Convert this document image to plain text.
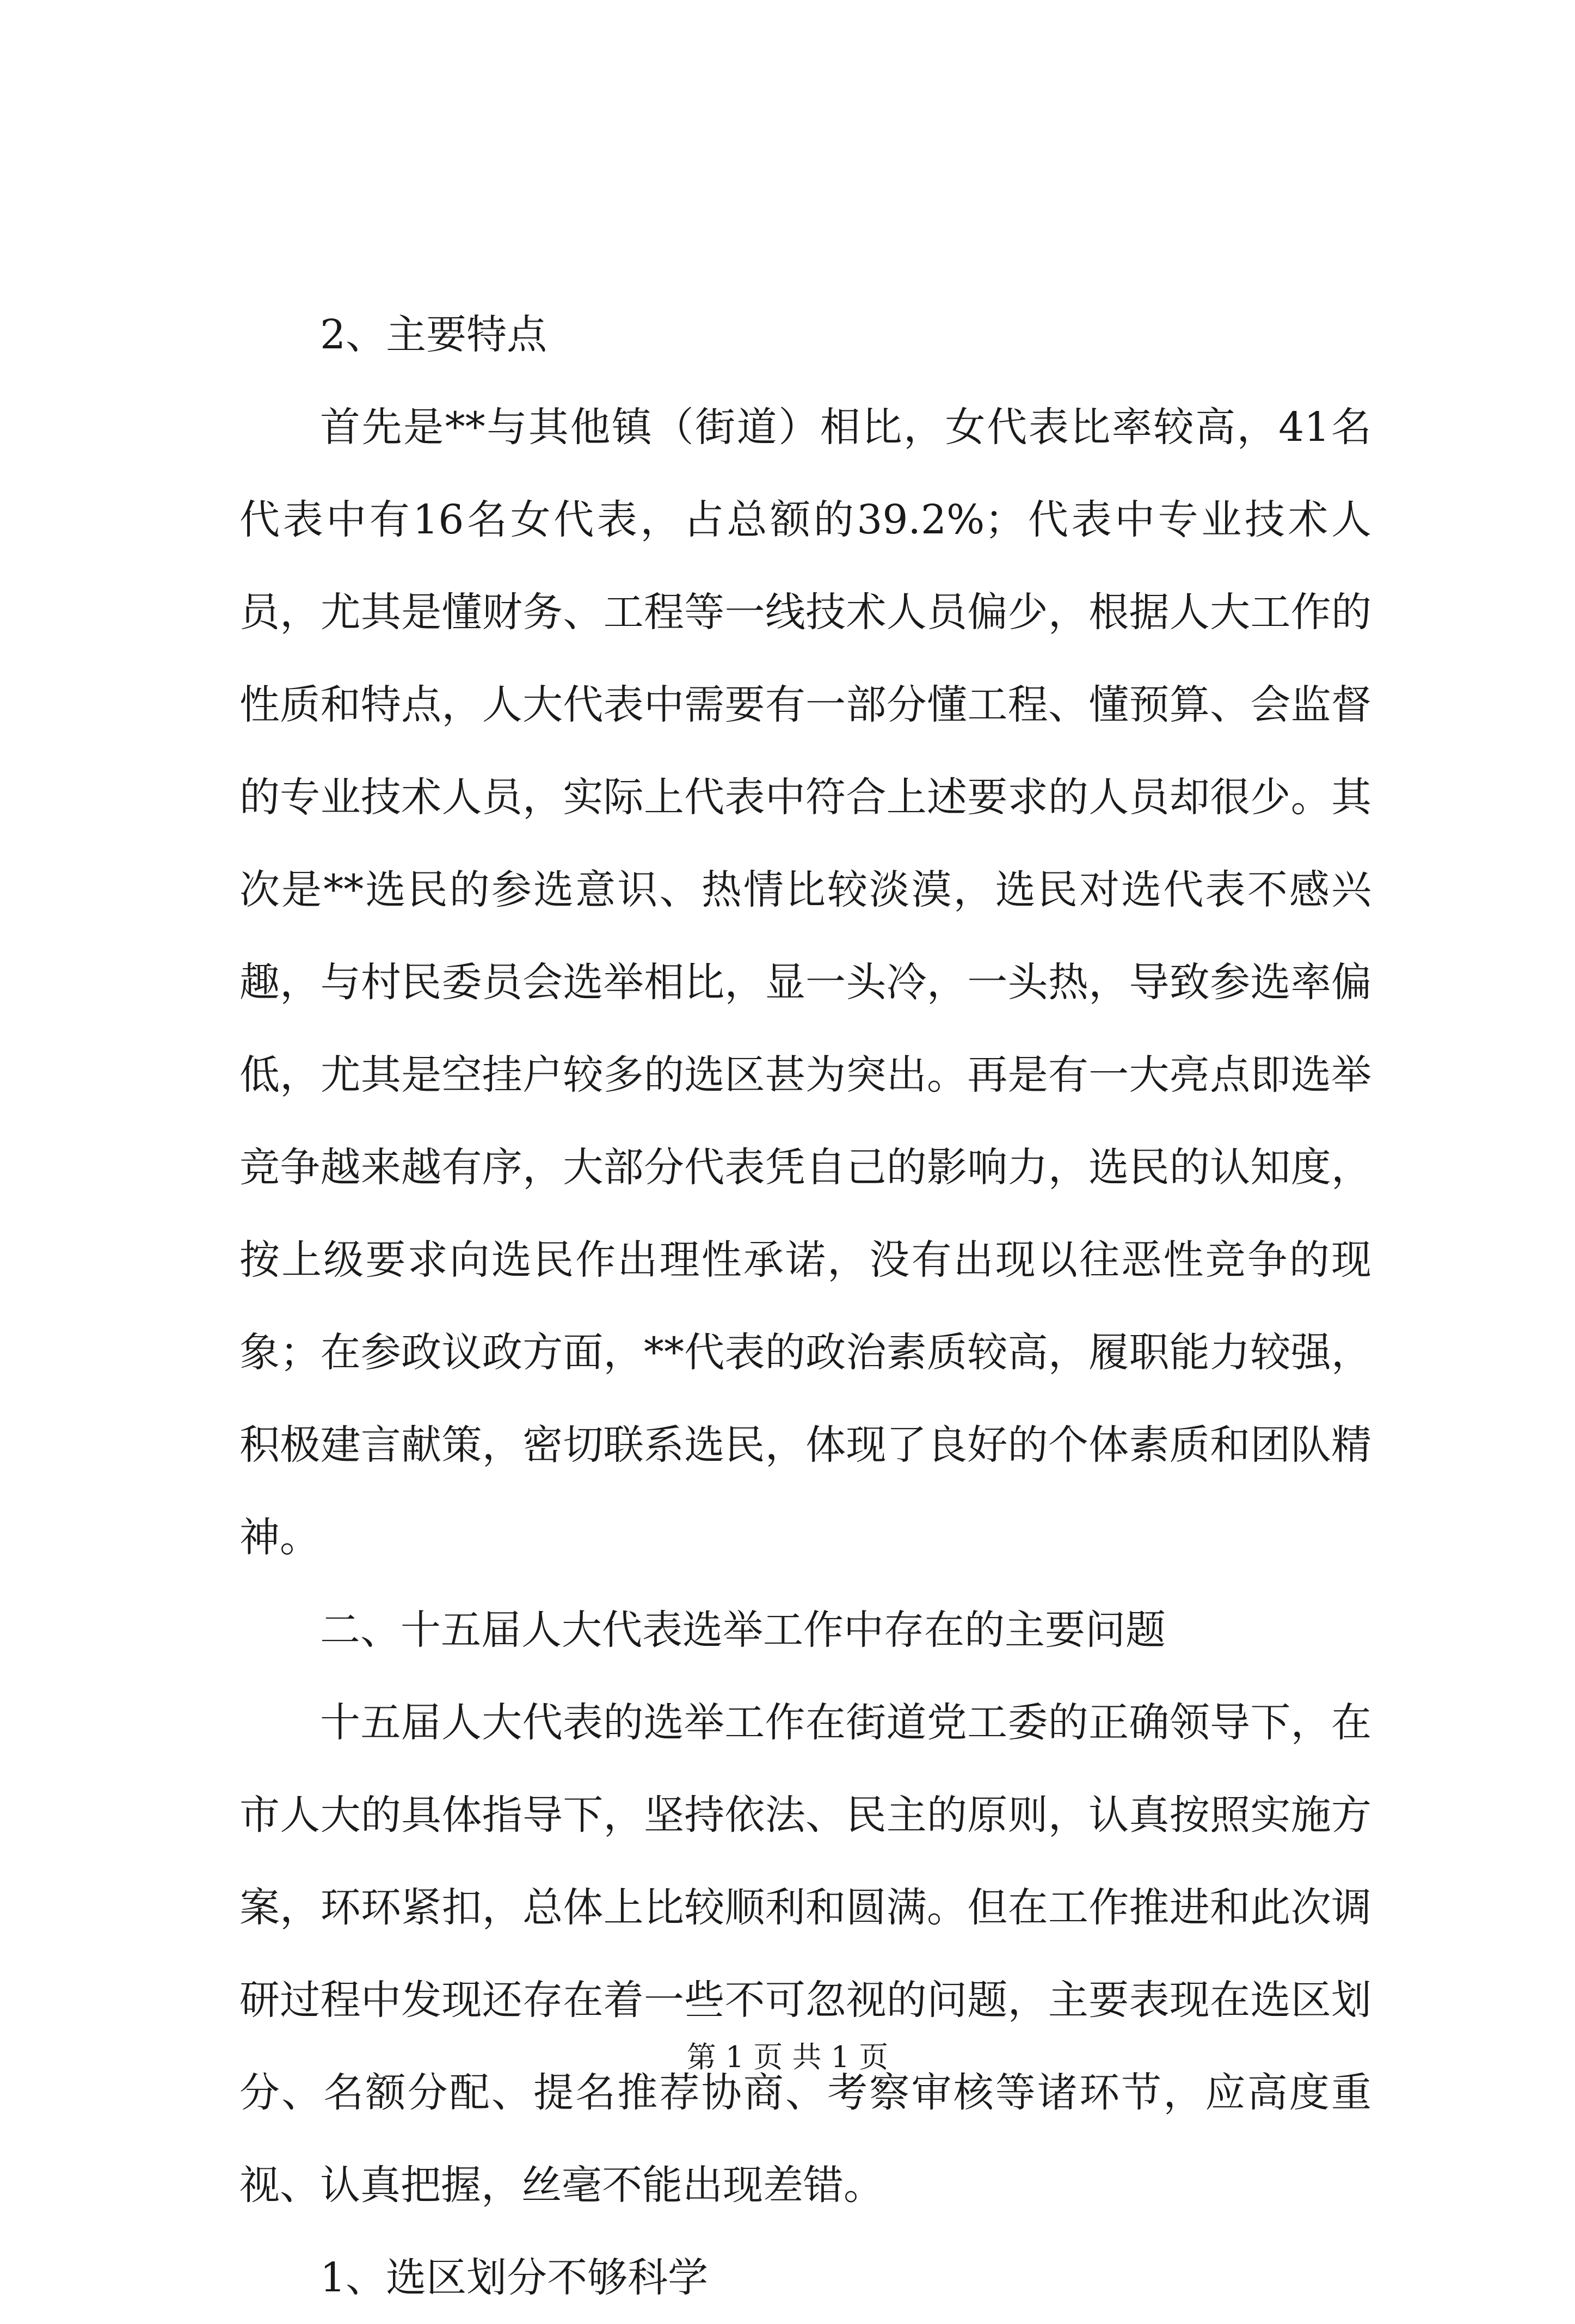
2、主要特点

首先是**与其他镇（街道）相比，女代表比率较高，41名代表中有16名女代表，占总额的39.2%；代表中专业技术人员，尤其是懂财务、工程等一线技术人员偏少，根据人大工作的性质和特点，人大代表中需要有一部分懂工程、懂预算、会监督的专业技术人员，实际上代表中符合上述要求的人员却很少。其次是**选民的参选意识、热情比较淡漠，选民对选代表不感兴趣，与村民委员会选举相比，显一头冷，一头热，导致参选率偏低，尤其是空挂户较多的选区甚为突出。再是有一大亮点即选举竞争越来越有序，大部分代表凭自己的影响力，选民的认知度，按上级要求向选民作出理性承诺，没有出现以往恶性竞争的现象；在参政议政方面，**代表的政治素质较高，履职能力较强，积极建言献策，密切联系选民，体现了良好的个体素质和团队精神。

二、十五届人大代表选举工作中存在的主要问题

十五届人大代表的选举工作在街道党工委的正确领导下，在市人大的具体指导下，坚持依法、民主的原则，认真按照实施方案，环环紧扣，总体上比较顺利和圆满。但在工作推进和此次调研过程中发现还存在着一些不可忽视的问题，主要表现在选区划分、名额分配、提名推荐协商、考察审核等诸环节，应高度重视、认真把握，丝毫不能出现差错。

1、选区划分不够科学

第 1 页 共 1 页
